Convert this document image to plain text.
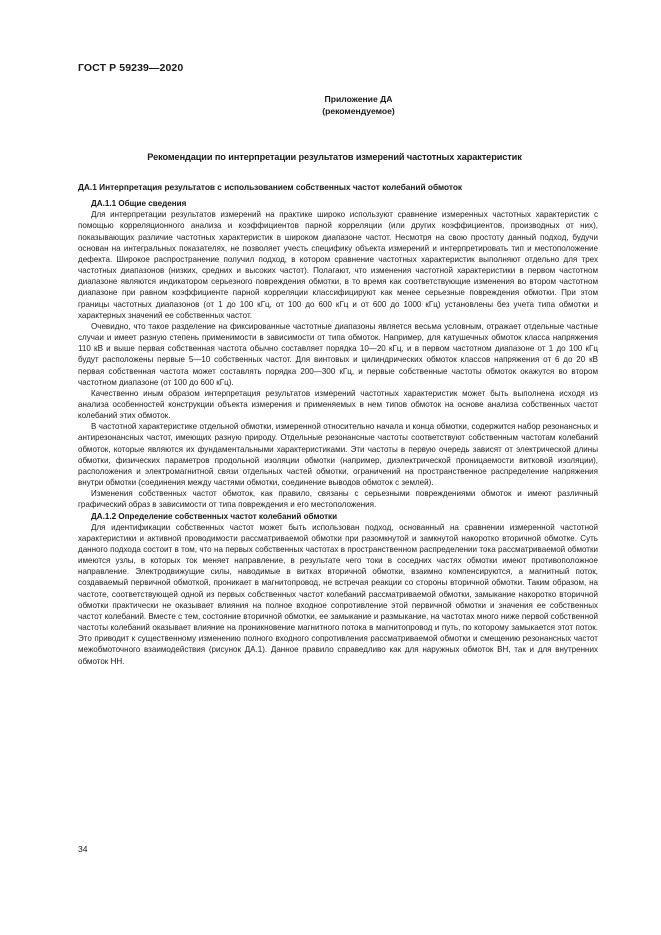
ГОСТ Р 59239—2020
Приложение ДА
(рекомендуемое)
Рекомендации по интерпретации результатов измерений частотных характеристик
ДА.1 Интерпретация результатов с использованием собственных частот колебаний обмоток
ДА.1.1 Общие сведения

Для интерпретации результатов измерений на практике широко используют сравнение измеренных частотных характеристик с помощью корреляционного анализа и коэффициентов парной корреляции (или других коэффициентов, производных от них), показывающих различие частотных характеристик в широком диапазоне частот. Несмотря на свою простоту данный подход, будучи основан на интегральных показателях, не позволяет учесть специфику объекта измерений и интерпретировать тип и местоположение дефекта. Широкое распространение получил подход, в котором сравнение частотных характеристик выполняют отдельно для трех частотных диапазонов (низких, средних и высоких частот). Полагают, что изменения частотной характеристики в первом частотном диапазоне являются индикатором серьезного повреждения обмотки, в то время как соответствующие изменения во втором частотном диапазоне при равном коэффициенте парной корреляции классифицируют как менее серьезные повреждения обмотки. При этом границы частотных диапазонов (от 1 до 100 кГц, от 100 до 600 кГц и от 600 до 1000 кГц) установлены без учета типа обмотки и характерных значений ее собственных частот.

Очевидно, что такое разделение на фиксированные частотные диапазоны является весьма условным, отражает отдельные частные случаи и имеет разную степень применимости в зависимости от типа обмоток. Например, для катушечных обмоток класса напряжения 110 кВ и выше первая собственная частота обычно составляет порядка 10—20 кГц, и в первом частотном диапазоне от 1 до 100 кГц будут расположены первые 5—10 собственных частот. Для винтовых и цилиндрических обмоток классов напряжения от 6 до 20 кВ первая собственная частота может составлять порядка 200—300 кГц, и первые собственные частоты обмоток окажутся во втором частотном диапазоне (от 100 до 600 кГц).

Качественно иным образом интерпретация результатов измерений частотных характеристик может быть выполнена исходя из анализа особенностей конструкции объекта измерения и применяемых в нем типов обмоток на основе анализа собственных частот колебаний этих обмоток.

В частотной характеристике отдельной обмотки, измеренной относительно начала и конца обмотки, содержится набор резонансных и антирезонансных частот, имеющих разную природу. Отдельные резонансные частоты соответствуют собственным частотам колебаний обмоток, которые являются их фундаментальными характеристиками. Эти частоты в первую очередь зависят от электрической длины обмотки, физических параметров продольной изоляции обмотки (например, диэлектрической проницаемости витковой изоляции), расположения и электромагнитной связи отдельных частей обмотки, ограничений на пространственное распределение напряжения внутри обмотки (соединения между частями обмотки, соединение выводов обмоток с землей).

Изменения собственных частот обмоток, как правило, связаны с серьезными повреждениями обмоток и имеют различный графический образ в зависимости от типа повреждения и его местоположения.

ДА.1.2 Определение собственных частот колебаний обмотки

Для идентификации собственных частот может быть использован подход, основанный на сравнении измеренной частотной характеристики и активной проводимости рассматриваемой обмотки при разомкнутой и замкнутой накоротко вторичной обмотке. Суть данного подхода состоит в том, что на первых собственных частотах в пространственном распределении тока рассматриваемой обмотки имеются узлы, в которых ток меняет направление, в результате чего токи в соседних частях обмотки имеют противоположное направление. Электродвижущие силы, наводимые в витках вторичной обмотки, взаимно компенсируются, а магнитный поток, создаваемый первичной обмоткой, проникает в магнитопровод, не встречая реакции со стороны вторичной обмотки. Таким образом, на частоте, соответствующей одной из первых собственных частот колебаний рассматриваемой обмотки, замыкание накоротко вторичной обмотки практически не оказывает влияния на полное входное сопротивление этой первичной обмотки и значения ее собственных частот колебаний. Вместе с тем, состояние вторичной обмотки, ее замыкание и размыкание, на частотах много ниже первой собственной частоты колебаний оказывает влияние на проникновение магнитного потока в магнитопровод и путь, по которому замыкается этот поток. Это приводит к существенному изменению полного входного сопротивления рассматриваемой обмотки и смещению резонансных частот межобмоточного взаимодействия (рисунок ДА.1). Данное правило справедливо как для наружных обмоток ВН, так и для внутренних обмоток НН.

34
